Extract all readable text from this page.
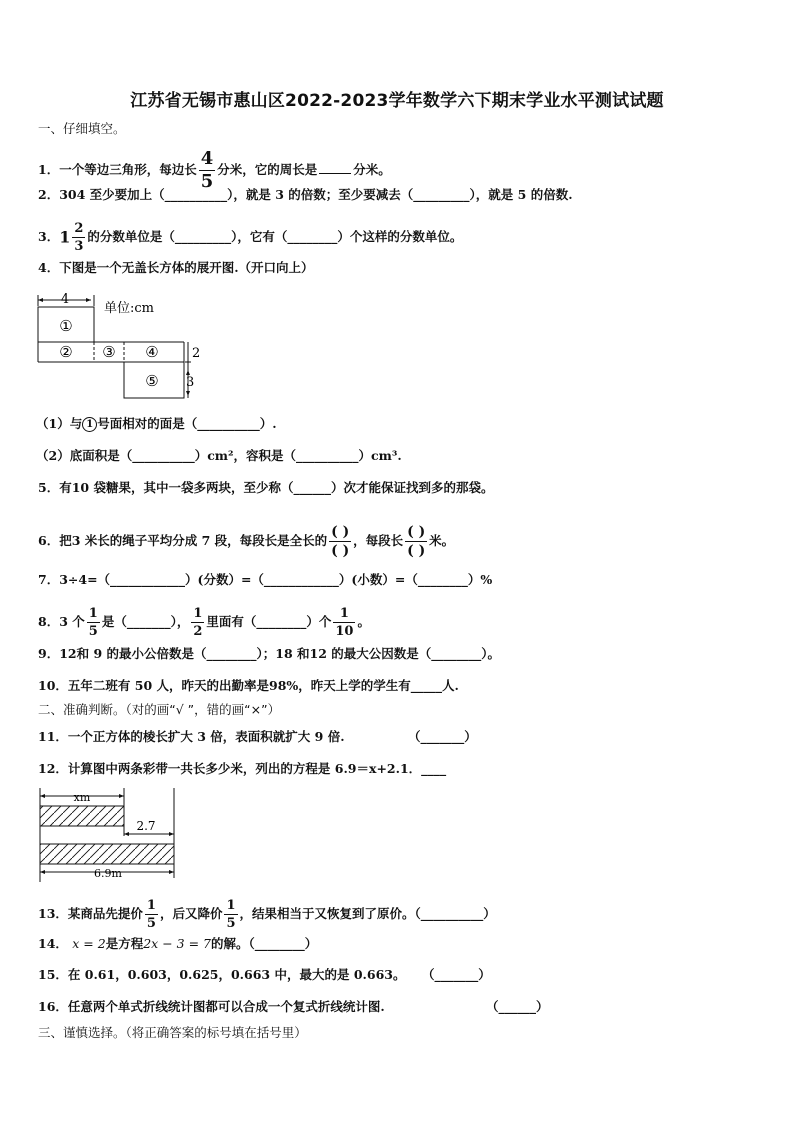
江苏省无锡市惠山区2022-2023学年数学六下期末学业水平测试试题
一、仔细填空。
1．一个等边三角形，每边长 $\frac{4}{5}$ 分米，它的周长是	分米。
2．304 至少要加上（__________），就是 3 的倍数；至少要减去（_________），就是 5 的倍数.
3．$1 \frac{2}{3}$ 的分数单位是（_________），它有（________）个这样的分数单位。
4．下图是一个无盖长方体的展开图.（开口向上）
4
单位:cm
①
② ③ ④
⑤
2
3
（1）与 1 号面相对的面是（__________）.
（2）底面积是（__________）cm²，容积是（__________）cm³.
5．有10 袋糖果，其中一袋多两块，至少称（______）次才能保证找到多的那袋。
6．把3 米长的绳子平均分成 7 段，每段长是全长的 $\frac{( )}{( )}$ ，每段长 $\frac{( )}{( )}$ 米。
7．3÷4=（____________）(分数）=（____________）(小数）=（________）%
8．3 个 $\frac{1}{5}$ 是（_______）， $\frac{1}{2}$ 里面有（________）个 $\frac{1}{10}$ 。
9．12和 9 的最小公倍数是（________）；18 和12 的最大公因数是（________）。
10．五年二班有 50 人，昨天的出勤率是98%，昨天上学的学生有_____人.
二、准确判断。（对的画“√ ”，错的画“×”）
11．一个正方体的棱长扩大 3 倍，表面积就扩大 9 倍.	（_______）
12．计算图中两条彩带一共长多少米，列出的方程是 6.9＝x+2.1．____
xm
2.7
6.9m
13．某商品先提价 $\frac{1}{5}$ ，后又降价 $\frac{1}{5}$ ，结果相当于又恢复到了原价。（__________）
14． x = 2是方程2x − 3 = 7的解。（________）
15．在 0.61，0.603，0.625，0.663 中，最大的是 0.663。 （_______）
16．任意两个单式折线统计图都可以合成一个复式折线统计图.	（______）
三、谨慎选择。（将正确答案的标号填在括号里）
